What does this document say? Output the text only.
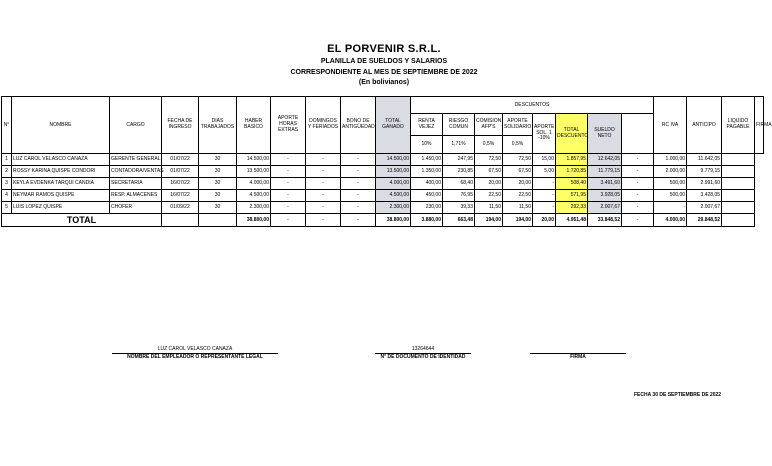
EL PORVENIR S.R.L.
PLANILLA DE SUELDOS Y SALARIOS
CORRESPONDIENTE AL MES DE SEPTIEMBRE DE 2022
(En bolivianos)
N°	NOMBRE	CARGO	FECHA DE INGRESO	DIAS TRABAJADOS	HABER BASICO	APORTE HORAS EXTRAS	DOMINGOS Y FERIADOS	BONO DE ANTIGÜEDAD	TOTAL GANADO	DESCUENTOS								RC IVA	ANTICIPO	LIQUIDO PAGABLE	FIRMA
										RENTA VEJEZ	RIESGO COMUN	COMISION AFP'S	APORTE SOLIDARIO	APORTE SOL. 1 -10%	TOTAL DESCUENTO	SUELDO NETO					
										10%	1,71%	0,5%	0,5%								
1	LUZ CAROL VELASCO CANAZA	GERENTE GENERAL	01/07/22	30	14.500,00	-	-	-	14.500,00	1.450,00	247,95	72,50	72,50	15,00	1.857,95	12.642,05	-	1.000,00	11.642,05		
2	ROSSY KARINA QUISPE CONDORI	CONTADORA/VENTAS	01/07/22	30	13.500,00	-	-	-	13.500,00	1.350,00	230,85	67,50	67,50	5,00	1.720,85	11.779,15	-	2.000,00	9.779,15		
3	KEYLA EVDENKA TARQUI CANDIA	SECRETARIA	16/07/22	30	4.000,00	-	-	-	4.000,00	400,00	68,40	20,00	20,00	-	508,40	3.491,60	-	500,00	2.991,60		
4	NEYMAR RAMOS QUISPE	RESP. ALMACENES	16/07/22	30	4.500,00	-	-	-	4.500,00	450,00	76,95	22,50	22,50	-	571,95	3.928,05	-	500,00	3.428,05		
5	LUIS LOPEZ QUISPE	CHOFER	01/09/22	30	2.300,00	-	-	-	2.300,00	230,00	39,33	11,50	11,50	-	292,33	2.007,67	-	-	2.007,67		
TOTAL					38.800,00	-	-	-	38.800,00	3.880,00	663,48	194,00	194,00	20,00	4.951,48	33.848,52	-	4.000,00	29.848,52		
LUZ CAROL VELASCO CANAZA
NOMBRE DEL EMPLEADOR O REPRESENTANTE LEGAL
13264644
N° DE DOCUMENTO DE IDENTIDAD	FIRMA
FECHA 30 DE SEPTIEMBRE DE 2022
